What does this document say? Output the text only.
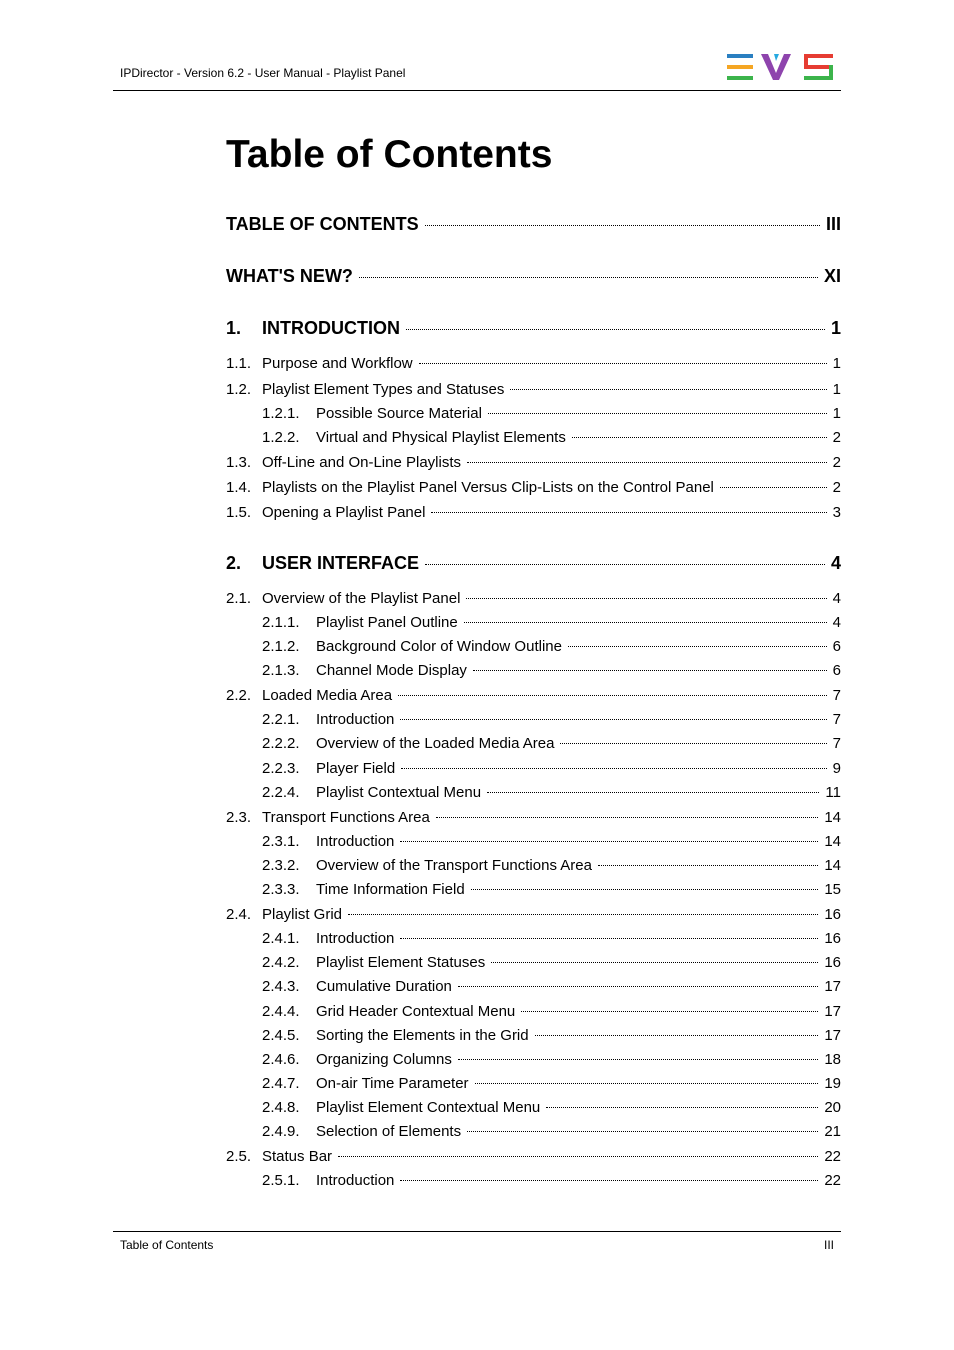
IPDirector - Version 6.2 - User Manual - Playlist Panel
Table of Contents
TABLE OF CONTENTS	III
WHAT'S NEW?	XI
1.	INTRODUCTION	1
1.1. Purpose and Workflow	1
1.2. Playlist Element Types and Statuses	1
1.2.1.	Possible Source Material	1
1.2.2.	Virtual and Physical Playlist Elements	2
1.3. Off-Line and On-Line Playlists	2
1.4. Playlists on the Playlist Panel Versus Clip-Lists on the Control Panel	2
1.5. Opening a Playlist Panel	3
2.	USER INTERFACE	4
2.1. Overview of the Playlist Panel	4
2.1.1.	Playlist Panel Outline	4
2.1.2.	Background Color of Window Outline	6
2.1.3.	Channel Mode Display	6
2.2. Loaded Media Area	7
2.2.1.	Introduction	7
2.2.2.	Overview of the Loaded Media Area	7
2.2.3.	Player Field	9
2.2.4.	Playlist Contextual Menu	11
2.3. Transport Functions Area	14
2.3.1.	Introduction	14
2.3.2.	Overview of the Transport Functions Area	14
2.3.3.	Time Information Field	15
2.4. Playlist Grid	16
2.4.1.	Introduction	16
2.4.2.	Playlist Element Statuses	16
2.4.3.	Cumulative Duration	17
2.4.4.	Grid Header Contextual Menu	17
2.4.5.	Sorting the Elements in the Grid	17
2.4.6.	Organizing Columns	18
2.4.7.	On-air Time Parameter	19
2.4.8.	Playlist Element Contextual Menu	20
2.4.9.	Selection of Elements	21
2.5. Status Bar	22
2.5.1.	Introduction	22
Table of Contents	III
